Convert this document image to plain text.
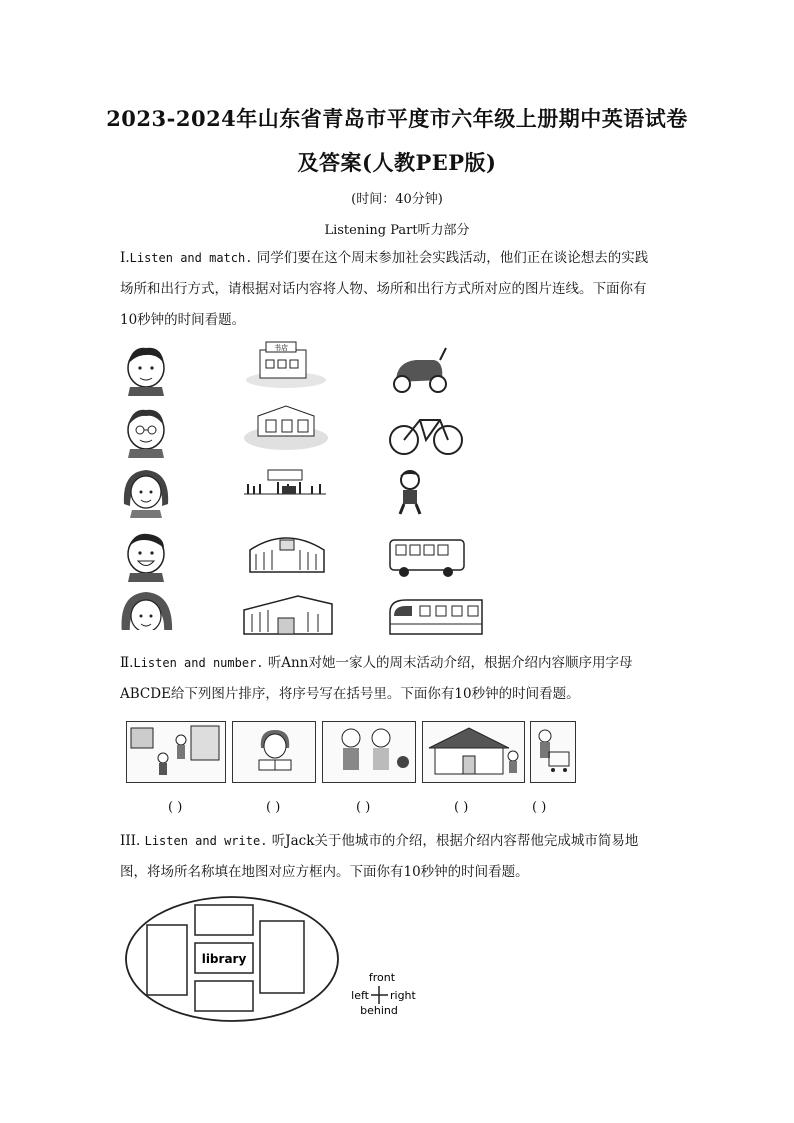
2023-2024年山东省青岛市平度市六年级上册期中英语试卷
及答案(人教PEP版)
(时间：40分钟)
Listening Part听力部分
Ⅰ.Listen and match. 同学们要在这个周末参加社会实践活动，他们正在谈论想去的实践
场所和出行方式，请根据对话内容将人物、场所和出行方式所对应的图片连线。下面你有
10秒钟的时间看题。
书店
Ⅱ.Listen and number. 听Ann对她一家人的周末活动介绍，根据介绍内容顺序用字母
ABCDE给下列图片排序，将序号写在括号里。下面你有10秒钟的时间看题。
( )	( )	( )	( )	( )
III. Listen and write. 听Jack关于他城市的介绍，根据介绍内容帮他完成城市简易地
图，将场所名称填在地图对应方框内。下面你有10秒钟的时间看题。
library
front
left right
behind
